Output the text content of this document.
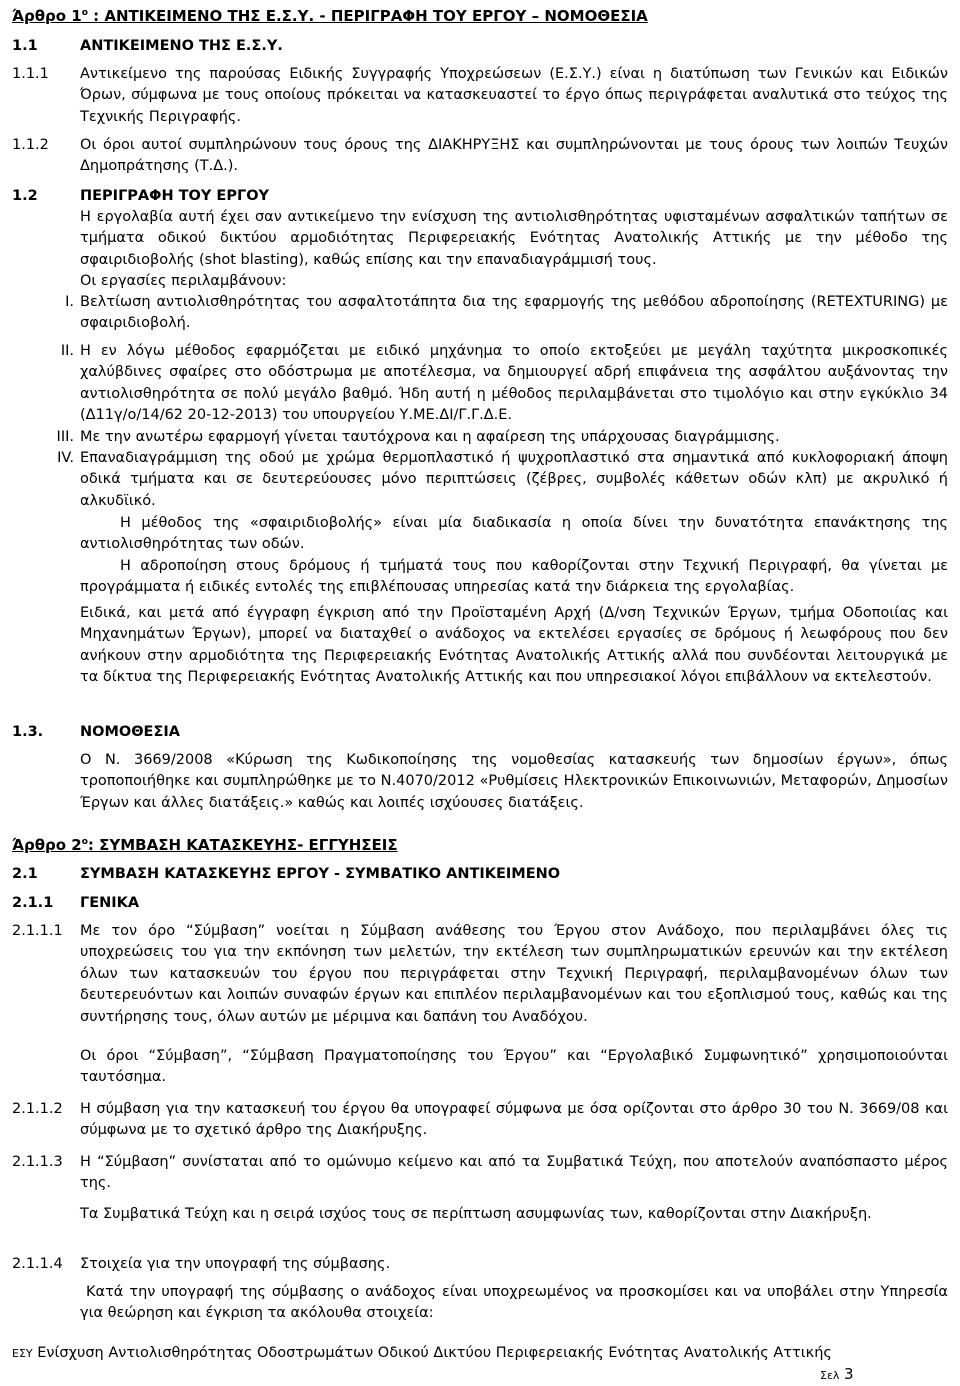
Άρθρο $1^o$ : ΑΝΤΙΚΕΙΜΕΝΟ ΤΗΣ Ε.Σ.Υ. - ΠΕΡΙΓΡΑΦΗ ΤΟΥ ΕΡΓΟΥ – ΝΟΜΟΘΕΣΙΑ
1.1	ΑΝΤΙΚΕΙΜΕΝΟ ΤΗΣ Ε.Σ.Υ.
1.1.1 Αντικείμενο της παρούσας Ειδικής Συγγραφής Υποχρεώσεων (Ε.Σ.Υ.) είναι η διατύπωση των Γενικών και Ειδικών Όρων, σύμφωνα με τους οποίους πρόκειται να κατασκευαστεί το έργο όπως περιγράφεται αναλυτικά στο τεύχος της Τεχνικής Περιγραφής.
1.1.2 Οι όροι αυτοί συμπληρώνουν τους όρους της ΔΙΑΚΗΡΥΞΗΣ και συμπληρώνονται με τους όρους των λοιπών Τευχών Δημοπράτησης (Τ.Δ.).
1.2	ΠΕΡΙΓΡΑΦΗ ΤΟΥ ΕΡΓΟΥ
Η εργολαβία αυτή έχει σαν αντικείμενο την ενίσχυση της αντιολισθηρότητας υφισταμένων ασφαλτικών ταπήτων σε τμήματα οδικού δικτύου αρμοδιότητας Περιφερειακής Ενότητας Ανατολικής Αττικής με την μέθοδο της σφαιριδιοβολής (shot blasting), καθώς επίσης και την επαναδιαγράμμισή τους.
Οι εργασίες περιλαμβάνουν:
I. Βελτίωση αντιολισθηρότητας του ασφαλτοτάπητα δια της εφαρμογής της μεθόδου αδροποίησης (RETEXTURING) με σφαιριδιοβολή.
II. Η εν λόγω μέθοδος εφαρμόζεται με ειδικό μηχάνημα το οποίο εκτοξεύει με μεγάλη ταχύτητα μικροσκοπικές χαλύβδινες σφαίρες στο οδόστρωμα με αποτέλεσμα, να δημιουργεί αδρή επιφάνεια της ασφάλτου αυξάνοντας την αντιολισθηρότητα σε πολύ μεγάλο βαθμό. Ήδη αυτή η μέθοδος περιλαμβάνεται στο τιμολόγιο και στην εγκύκλιο 34 (Δ11γ/ο/14/62 20-12-2013) του υπουργείου Υ.ΜΕ.ΔΙ/Γ.Γ.Δ.Ε.
III. Με την ανωτέρω εφαρμογή γίνεται ταυτόχρονα και η αφαίρεση της υπάρχουσας διαγράμμισης.
IV. Επαναδιαγράμμιση της οδού με χρώμα θερμοπλαστικό ή ψυχροπλαστικό στα σημαντικά από κυκλοφοριακή άποψη οδικά τμήματα και σε δευτερεύουσες μόνο περιπτώσεις (ζέβρες, συμβολές κάθετων οδών κλπ) με ακρυλικό ή αλκυδϊικό.
Η μέθοδος της «σφαιριδιοβολής» είναι μία διαδικασία η οποία δίνει την δυνατότητα επανάκτησης της αντιολισθηρότητας των οδών.
Η αδρoποίηση στους δρόμους ή τμήματά τους που καθορίζονται στην Τεχνική Περιγραφή, θα γίνεται με προγράμματα ή ειδικές εντολές της επιβλέπουσας υπηρεσίας κατά την διάρκεια της εργολαβίας.
Ειδικά, και μετά από έγγραφη έγκριση από την Προϊσταμένη Αρχή (Δ/νση Τεχνικών Έργων, τμήμα Οδοποιίας και Μηχανημάτων Έργων), μπορεί να διαταχθεί ο ανάδοχος να εκτελέσει εργασίες σε δρόμους ή λεωφόρους που δεν ανήκουν στην αρμοδιότητα της Περιφερειακής Ενότητας Ανατολικής Αττικής αλλά που συνδέονται λειτουργικά με τα δίκτυα της Περιφερειακής Ενότητας Ανατολικής Αττικής και που υπηρεσιακοί λόγοι επιβάλλουν να εκτελεστούν.
1.3.	ΝΟΜΟΘΕΣΙΑ
Ο Ν. 3669/2008 «Κύρωση της Κωδικοποίησης της νομοθεσίας κατασκευής των δημοσίων έργων», όπως τροποποιήθηκε και συμπληρώθηκε με το Ν.4070/2012 «Ρυθμίσεις Ηλεκτρονικών Επικοινωνιών, Μεταφορών, Δημοσίων Έργων και άλλες διατάξεις.» καθώς και λοιπές ισχύουσες διατάξεις.
Άρθρο $2^o$: ΣΥΜΒΑΣΗ ΚΑΤΑΣΚΕΥΗΣ- ΕΓΓΥΗΣΕΙΣ
2.1	ΣΥΜΒΑΣΗ ΚΑΤΑΣΚΕΥΗΣ ΕΡΓΟΥ - ΣΥΜΒΑΤΙΚΟ ΑΝΤΙΚΕΙΜΕΝΟ
2.1.1 ΓΕΝΙΚΑ
2.1.1.1 Με τον όρο “Σύμβαση” νοείται η Σύμβαση ανάθεσης του Έργου στον Ανάδοχο, που περιλαμβάνει όλες τις υποχρεώσεις του για την εκπόνηση των μελετών, την εκτέλεση των συμπληρωματικών ερευνών και την εκτέλεση όλων των κατασκευών του έργου που περιγράφεται στην Τεχνική Περιγραφή, περιλαμβανομένων όλων των δευτερευόντων και λοιπών συναφών έργων και επιπλέον περιλαμβανομένων και του εξοπλισμού τους, καθώς και της συντήρησης τους, όλων αυτών με μέριμνα και δαπάνη του Αναδόχου.
Οι όροι “Σύμβαση”, “Σύμβαση Πραγματοποίησης του Έργου” και “Εργολαβικό Συμφωνητικό” χρησιμοποιούνται ταυτόσημα.
2.1.1.2 Η σύμβαση για την κατασκευή του έργου θα υπογραφεί σύμφωνα με όσα ορίζονται στο άρθρο 30 του Ν. 3669/08 και σύμφωνα με το σχετικό άρθρο της Διακήρυξης.
2.1.1.3 Η “Σύμβαση” συνίσταται από το ομώνυμο κείμενο και από τα Συμβατικά Τεύχη, που αποτελούν αναπόσπαστο μέρος της.
Τα Συμβατικά Τεύχη και η σειρά ισχύος τους σε περίπτωση ασυμφωνίας των, καθορίζονται στην Διακήρυξη.
2.1.1.4 Στοιχεία για την υπογραφή της σύμβασης.
Κατά την υπογραφή της σύμβασης ο ανάδοχος είναι υποχρεωμένος να προσκομίσει και να υποβάλει στην Υπηρεσία για θεώρηση και έγκριση τα ακόλουθα στοιχεία:
ΕΣΥ Ενίσχυση Αντιολισθηρότητας Οδοστρωμάτων Οδικού Δικτύου Περιφερειακής Ενότητας Ανατολικής Αττικής
Σελ 3
